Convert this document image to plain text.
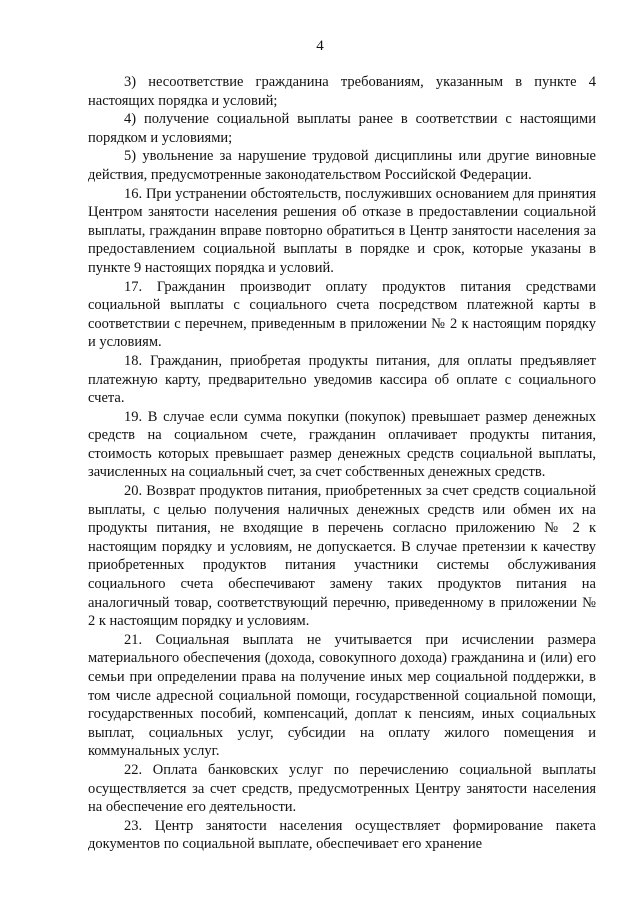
4

3) несоответствие гражданина требованиям, указанным в пункте 4 настоящих порядка и условий;

4) получение социальной выплаты ранее в соответствии с настоящими порядком и условиями;

5) увольнение за нарушение трудовой дисциплины или другие виновные действия, предусмотренные законодательством Российской Федерации.

16. При устранении обстоятельств, послуживших основанием для принятия Центром занятости населения решения об отказе в предоставлении социальной выплаты, гражданин вправе повторно обратиться в Центр занятости населения за предоставлением социальной выплаты в порядке и срок, которые указаны в пункте 9 настоящих порядка и условий.

17. Гражданин производит оплату продуктов питания средствами социальной выплаты с социального счета посредством платежной карты в соответствии с перечнем, приведенным в приложении № 2 к настоящим порядку и условиям.

18. Гражданин, приобретая продукты питания, для оплаты предъявляет платежную карту, предварительно уведомив кассира об оплате с социального счета.

19. В случае если сумма покупки (покупок) превышает размер денежных средств на социальном счете, гражданин оплачивает продукты питания, стоимость которых превышает размер денежных средств социальной выплаты, зачисленных на социальный счет, за счет собственных денежных средств.

20. Возврат продуктов питания, приобретенных за счет средств социальной выплаты, с целью получения наличных денежных средств или обмен их на продукты питания, не входящие в перечень согласно приложению № 2 к настоящим порядку и условиям, не допускается. В случае претензии к качеству приобретенных продуктов питания участники системы обслуживания социального счета обеспечивают замену таких продуктов питания на аналогичный товар, соответствующий перечню, приведенному в приложении № 2 к настоящим порядку и условиям.

21. Социальная выплата не учитывается при исчислении размера материального обеспечения (дохода, совокупного дохода) гражданина и (или) его семьи при определении права на получение иных мер социальной поддержки, в том числе адресной социальной помощи, государственной социальной помощи, государственных пособий, компенсаций, доплат к пенсиям, иных социальных выплат, социальных услуг, субсидии на оплату жилого помещения и коммунальных услуг.

22. Оплата банковских услуг по перечислению социальной выплаты осуществляется за счет средств, предусмотренных Центру занятости населения на обеспечение его деятельности.

23. Центр занятости населения осуществляет формирование пакета документов по социальной выплате, обеспечивает его хранение
